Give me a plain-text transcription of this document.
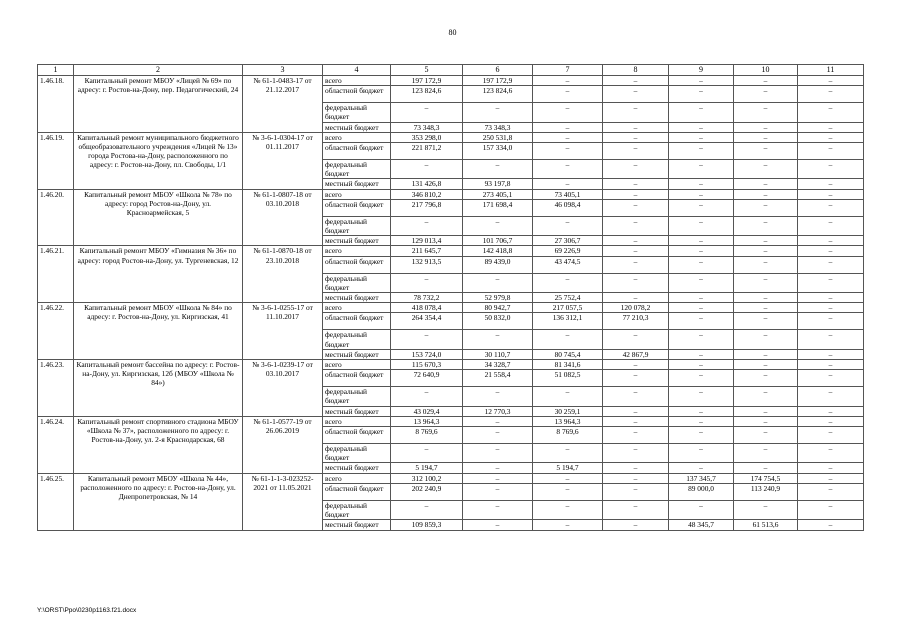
80
1	2	3	4	5	6	7	8	9	10	11
1.46.18.	Капитальный ремонт МБОУ «Лицей № 69» по адресу: г. Ростов-на-Дону, пер. Педагогический, 24	№ 61-1-0483-17 от 21.12.2017	всего	197 172,9	197 172,9	–	–	–	–	–
			областной бюджет	123 824,6	123 824,6	–	–	–	–	–
			федеральный бюджет	–	–	–	–	–	–	–
			местный бюджет	73 348,3	73 348,3	–	–	–	–	–
1.46.19.	Капитальный ремонт муниципального бюджетного общеобразовательного учреждения «Лицей № 13» города Ростова-на-Дону, расположенного по адресу: г. Ростов-на-Дону, пл. Свободы, 1/1	№ 3-6-1-0304-17 от 01.11.2017	всего	353 298,0	250 531,8	–	–	–	–	–
			областной бюджет	221 871,2	157 334,0	–	–	–	–	–
			федеральный бюджет	–	–	–	–	–	–	–
			местный бюджет	131 426,8	93 197,8	–	–	–	–	–
1.46.20.	Капитальный ремонт МБОУ «Школа № 78» по адресу: город Ростов-на-Дону, ул. Красноармейская, 5	№ 61-1-0807-18 от 03.10.2018	всего	346 810,2	273 405,1	73 405,1	–	–	–	–
			областной бюджет	217 796,8	171 698,4	46 098,4	–	–	–	–
			федеральный бюджет	–	–	–	–	–	–	–
			местный бюджет	129 013,4	101 706,7	27 306,7	–	–	–	–
1.46.21.	Капитальный ремонт МБОУ «Гимназия № 36» по адресу: город Ростов-на-Дону, ул. Тургеневская, 12	№ 61-1-0870-18 от 23.10.2018	всего	211 645,7	142 418,8	69 226,9	–	–	–	–
			областной бюджет	132 913,5	89 439,0	43 474,5	–	–	–	–
			федеральный бюджет	–	–	–	–	–	–	–
			местный бюджет	78 732,2	52 979,8	25 752,4	–	–	–	–
1.46.22.	Капитальный ремонт МБОУ «Школа № 84» по адресу: г. Ростов-на-Дону, ул. Киргизская, 41	№ 3-6-1-0255-17 от 11.10.2017	всего	418 078,4	80 942,7	217 057,5	120 078,2	–	–	–
			областной бюджет	264 354,4	50 832,0	136 312,1	77 210,3	–	–	–
			федеральный бюджет	–	–	–	–	–	–	–
			местный бюджет	153 724,0	30 110,7	80 745,4	42 867,9	–	–	–
1.46.23.	Капитальный ремонт бассейна по адресу: г. Ростов-на-Дону, ул. Киргизская, 12б (МБОУ «Школа № 84»)	№ 3-6-1-0239-17 от 03.10.2017	всего	115 670,3	34 328,7	81 341,6	–	–	–	–
			областной бюджет	72 640,9	21 558,4	51 082,5	–	–	–	–
			федеральный бюджет	–	–	–	–	–	–	–
			местный бюджет	43 029,4	12 770,3	30 259,1	–	–	–	–
1.46.24.	Капитальный ремонт спортивного стадиона МБОУ «Школа № 37», расположенного по адресу: г. Ростов-на-Дону, ул. 2-я Краснодарская, 68	№ 61-1-0577-19 от 26.06.2019	всего	13 964,3	–	13 964,3	–	–	–	–
			областной бюджет	8 769,6	–	8 769,6	–	–	–	–
			федеральный бюджет	–	–	–	–	–	–	–
			местный бюджет	5 194,7	–	5 194,7	–	–	–	–
1.46.25.	Капитальный ремонт МБОУ «Школа № 44», расположенного по адресу: г. Ростов-на-Дону, ул. Днепропетровская, № 14	№ 61-1-1-3-023252-2021 от 11.05.2021	всего	312 100,2	–	–	–	137 345,7	174 754,5	–
			областной бюджет	202 240,9	–	–	–	89 000,0	113 240,9	–
			федеральный бюджет	–	–	–	–	–	–	–
			местный бюджет	109 859,3	–	–	–	48 345,7	61 513,6	–
Y:\ORST\Ppo\0230p1163.f21.docx
